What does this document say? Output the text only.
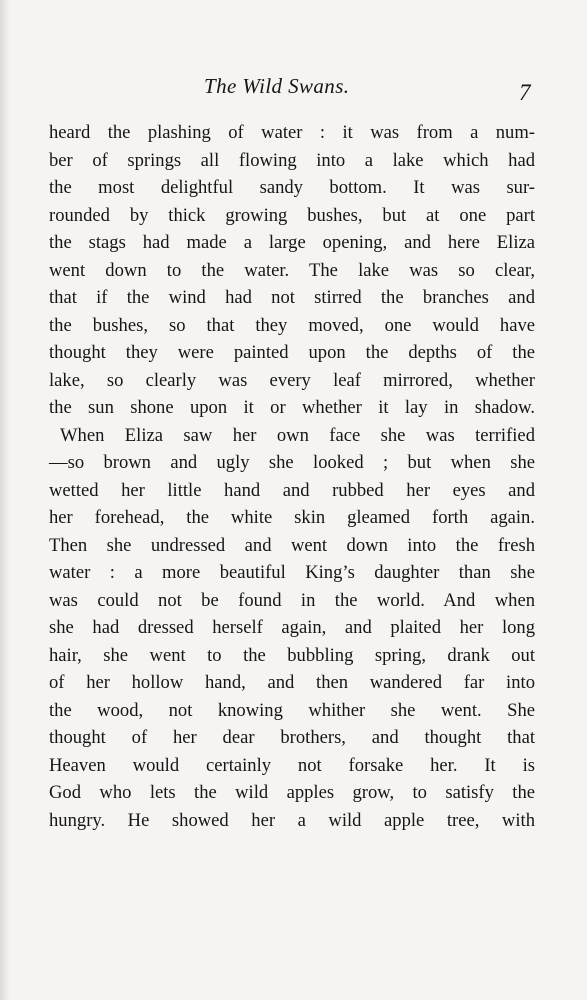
The Wild Swans.	7
heard the plashing of water : it was from a num-
ber of springs all flowing into a lake which had
the most delightful sandy bottom. It was sur-
rounded by thick growing bushes, but at one part
the stags had made a large opening, and here Eliza
went down to the water. The lake was so clear,
that if the wind had not stirred the branches and
the bushes, so that they moved, one would have
thought they were painted upon the depths of the
lake, so clearly was every leaf mirrored, whether
the sun shone upon it or whether it lay in shadow.
When Eliza saw her own face she was terrified
—so brown and ugly she looked ; but when she
wetted her little hand and rubbed her eyes and
her forehead, the white skin gleamed forth again.
Then she undressed and went down into the fresh
water : a more beautiful King’s daughter than she
was could not be found in the world. And when
she had dressed herself again, and plaited her long
hair, she went to the bubbling spring, drank out
of her hollow hand, and then wandered far into
the wood, not knowing whither she went. She
thought of her dear brothers, and thought that
Heaven would certainly not forsake her. It is
God who lets the wild apples grow, to satisfy the
hungry. He showed her a wild apple tree, with
